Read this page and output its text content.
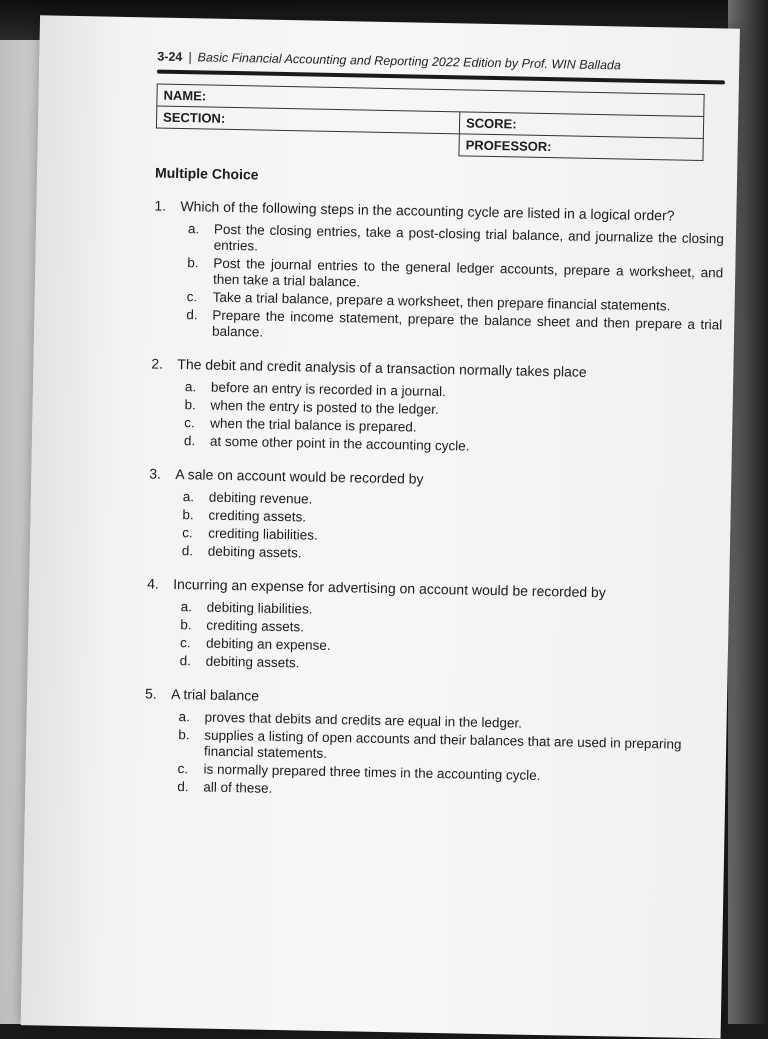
3-24 | Basic Financial Accounting and Reporting 2022 Edition by Prof. WIN Ballada
NAME:	
SECTION:	SCORE:
	PROFESSOR:
Multiple Choice
1. Which of the following steps in the accounting cycle are listed in a logical order?
a. Post the closing entries, take a post-closing trial balance, and journalize the closing entries.
b. Post the journal entries to the general ledger accounts, prepare a worksheet, and then take a trial balance.
c. Take a trial balance, prepare a worksheet, then prepare financial statements.
d. Prepare the income statement, prepare the balance sheet and then prepare a trial balance.
2. The debit and credit analysis of a transaction normally takes place
a. before an entry is recorded in a journal.
b. when the entry is posted to the ledger.
c. when the trial balance is prepared.
d. at some other point in the accounting cycle.
3. A sale on account would be recorded by
a. debiting revenue.
b. crediting assets.
c. crediting liabilities.
d. debiting assets.
4. Incurring an expense for advertising on account would be recorded by
a. debiting liabilities.
b. crediting assets.
c. debiting an expense.
d. debiting assets.
5. A trial balance
a. proves that debits and credits are equal in the ledger.
b. supplies a listing of open accounts and their balances that are used in preparing financial statements.
c. is normally prepared three times in the accounting cycle.
d. all of these.
